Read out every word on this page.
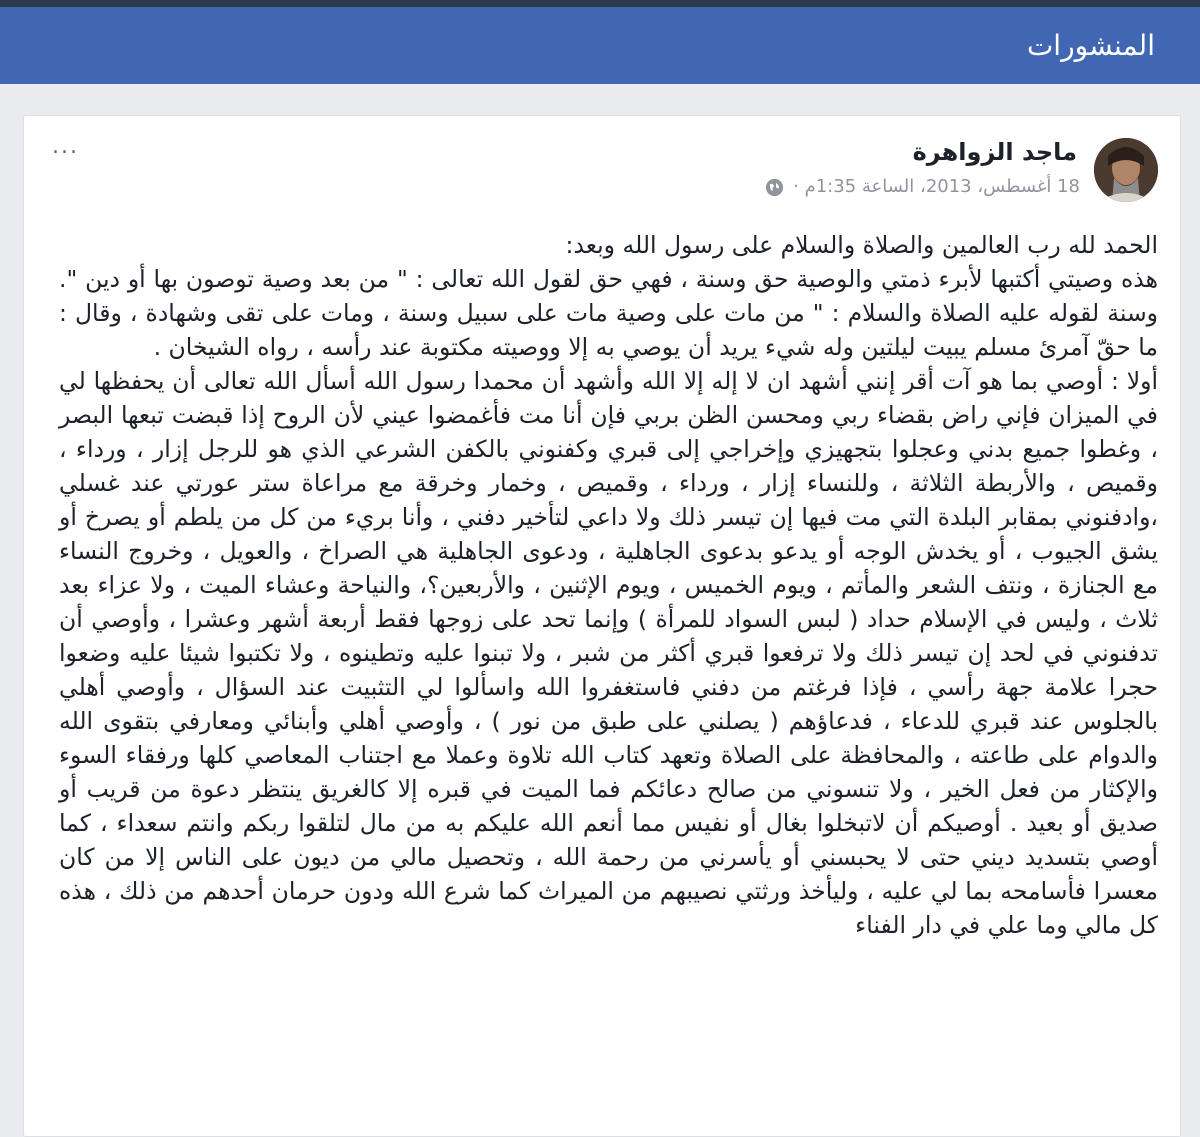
المنشورات
ماجد الزواهرة
18 أغسطس، 2013، الساعة 1:35م ·
...

الحمد لله رب العالمين والصلاة والسلام على رسول الله وبعد:

هذه وصيتي أكتبها لأبرء ذمتي والوصية حق وسنة ، فهي حق لقول الله تعالى : " من بعد وصية توصون بها أو دين ". وسنة لقوله عليه الصلاة والسلام : " من مات على وصية مات على سبيل وسنة ، ومات على تقى وشهادة ، وقال : ما حقّ آمرئ مسلم يبيت ليلتين وله شيء يريد أن يوصي به إلا ووصيته مكتوبة عند رأسه ، رواه الشيخان .

أولا : أوصي بما هو آت أقر إنني أشهد ان لا إله إلا الله وأشهد أن محمدا رسول الله أسأل الله تعالى أن يحفظها لي في الميزان فإني راض بقضاء ربي ومحسن الظن بربي فإن أنا مت فأغمضوا عيني لأن الروح إذا قبضت تبعها البصر ، وغطوا جميع بدني وعجلوا بتجهيزي وإخراجي إلى قبري وكفنوني بالكفن الشرعي الذي هو للرجل إزار ، ورداء ، وقميص ، والأربطة الثلاثة ، وللنساء إزار ، ورداء ، وقميص ، وخمار وخرقة مع مراعاة ستر عورتي عند غسلي ،وادفنوني بمقابر البلدة التي مت فيها إن تيسر ذلك ولا داعي لتأخير دفني ، وأنا بريء من كل من يلطم أو يصرخ أو يشق الجيوب ، أو يخدش الوجه أو يدعو بدعوى الجاهلية ، ودعوى الجاهلية هي الصراخ ، والعويل ، وخروج النساء مع الجنازة ، ونتف الشعر والمأتم ، ويوم الخميس ، ويوم الإثنين ، والأربعين؟، والنياحة وعشاء الميت ، ولا عزاء بعد ثلاث ، وليس في الإسلام حداد ( لبس السواد للمرأة ) وإنما تحد على زوجها فقط أربعة أشهر وعشرا ، وأوصي أن تدفنوني في لحد إن تيسر ذلك ولا ترفعوا قبري أكثر من شبر ، ولا تبنوا عليه وتطينوه ، ولا تكتبوا شيئا عليه وضعوا حجرا علامة جهة رأسي ، فإذا فرغتم من دفني فاستغفروا الله واسألوا لي التثبيت عند السؤال ، وأوصي أهلي بالجلوس عند قبري للدعاء ، فدعاؤهم ( يصلني على طبق من نور ) ، وأوصي أهلي وأبنائي ومعارفي بتقوى الله والدوام على طاعته ، والمحافظة على الصلاة وتعهد كتاب الله تلاوة وعملا مع اجتناب المعاصي كلها ورفقاء السوء والإكثار من فعل الخير ، ولا تنسوني من صالح دعائكم فما الميت في قبره إلا كالغريق ينتظر دعوة من قريب أو صديق أو بعيد . أوصيكم أن لاتبخلوا بغال أو نفيس مما أنعم الله عليكم به من مال لتلقوا ربكم وانتم سعداء ، كما أوصي بتسديد ديني حتى لا يحبسني أو يأسرني من رحمة الله ، وتحصيل مالي من ديون على الناس إلا من كان معسرا فأسامحه بما لي عليه ، وليأخذ ورثتي نصيبهم من الميراث كما شرع الله ودون حرمان أحدهم من ذلك ، هذه كل مالي وما علي في دار الفناء
